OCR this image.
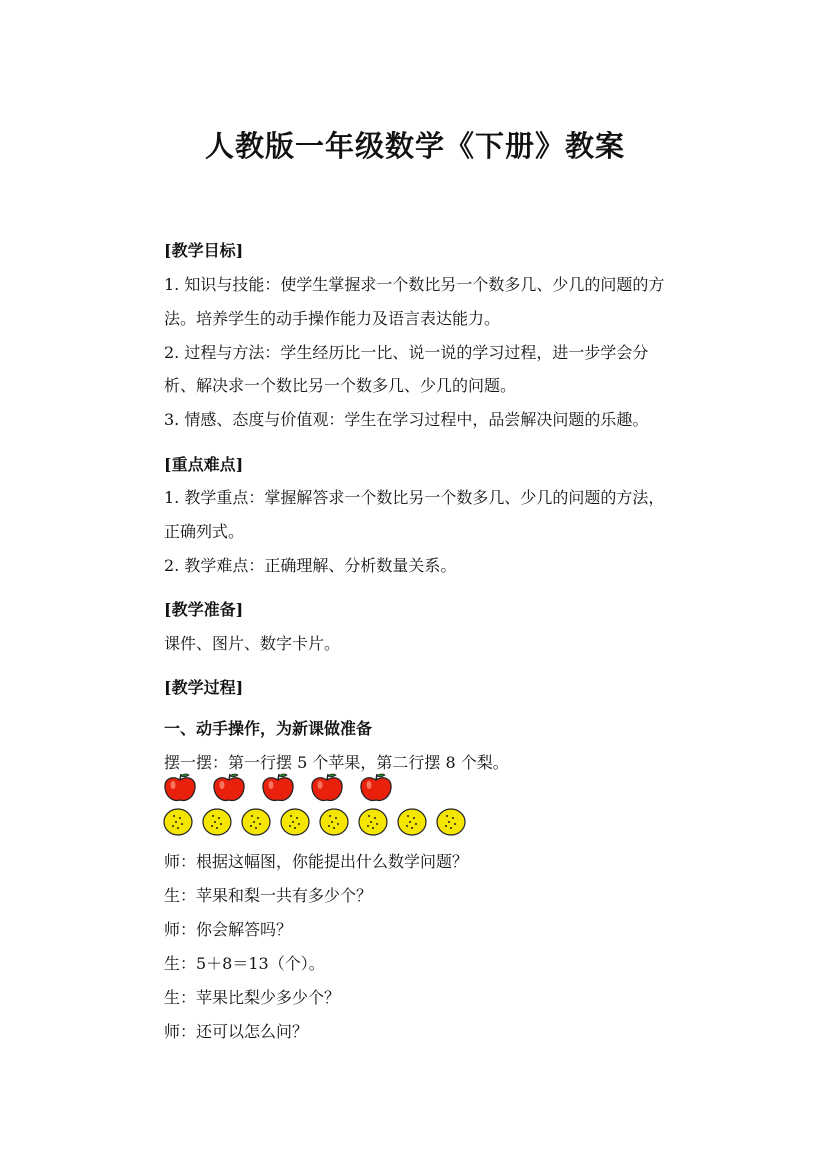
人教版一年级数学《下册》教案
[教学目标]
1. 知识与技能：使学生掌握求一个数比另一个数多几、少几的问题的方
法。培养学生的动手操作能力及语言表达能力。
2. 过程与方法：学生经历比一比、说一说的学习过程，进一步学会分
析、解决求一个数比另一个数多几、少几的问题。
3. 情感、态度与价值观：学生在学习过程中，品尝解决问题的乐趣。
[重点难点]
1. 教学重点：掌握解答求一个数比另一个数多几、少几的问题的方法，
正确列式。
2. 教学难点：正确理解、分析数量关系。
[教学准备]
课件、图片、数字卡片。
[教学过程]
一、动手操作，为新课做准备
摆一摆：第一行摆 5 个苹果，第二行摆 8 个梨。
师：根据这幅图，你能提出什么数学问题？
生：苹果和梨一共有多少个？
师：你会解答吗？
生：5＋8＝13（个）。
生：苹果比梨少多少个？
师：还可以怎么问？
